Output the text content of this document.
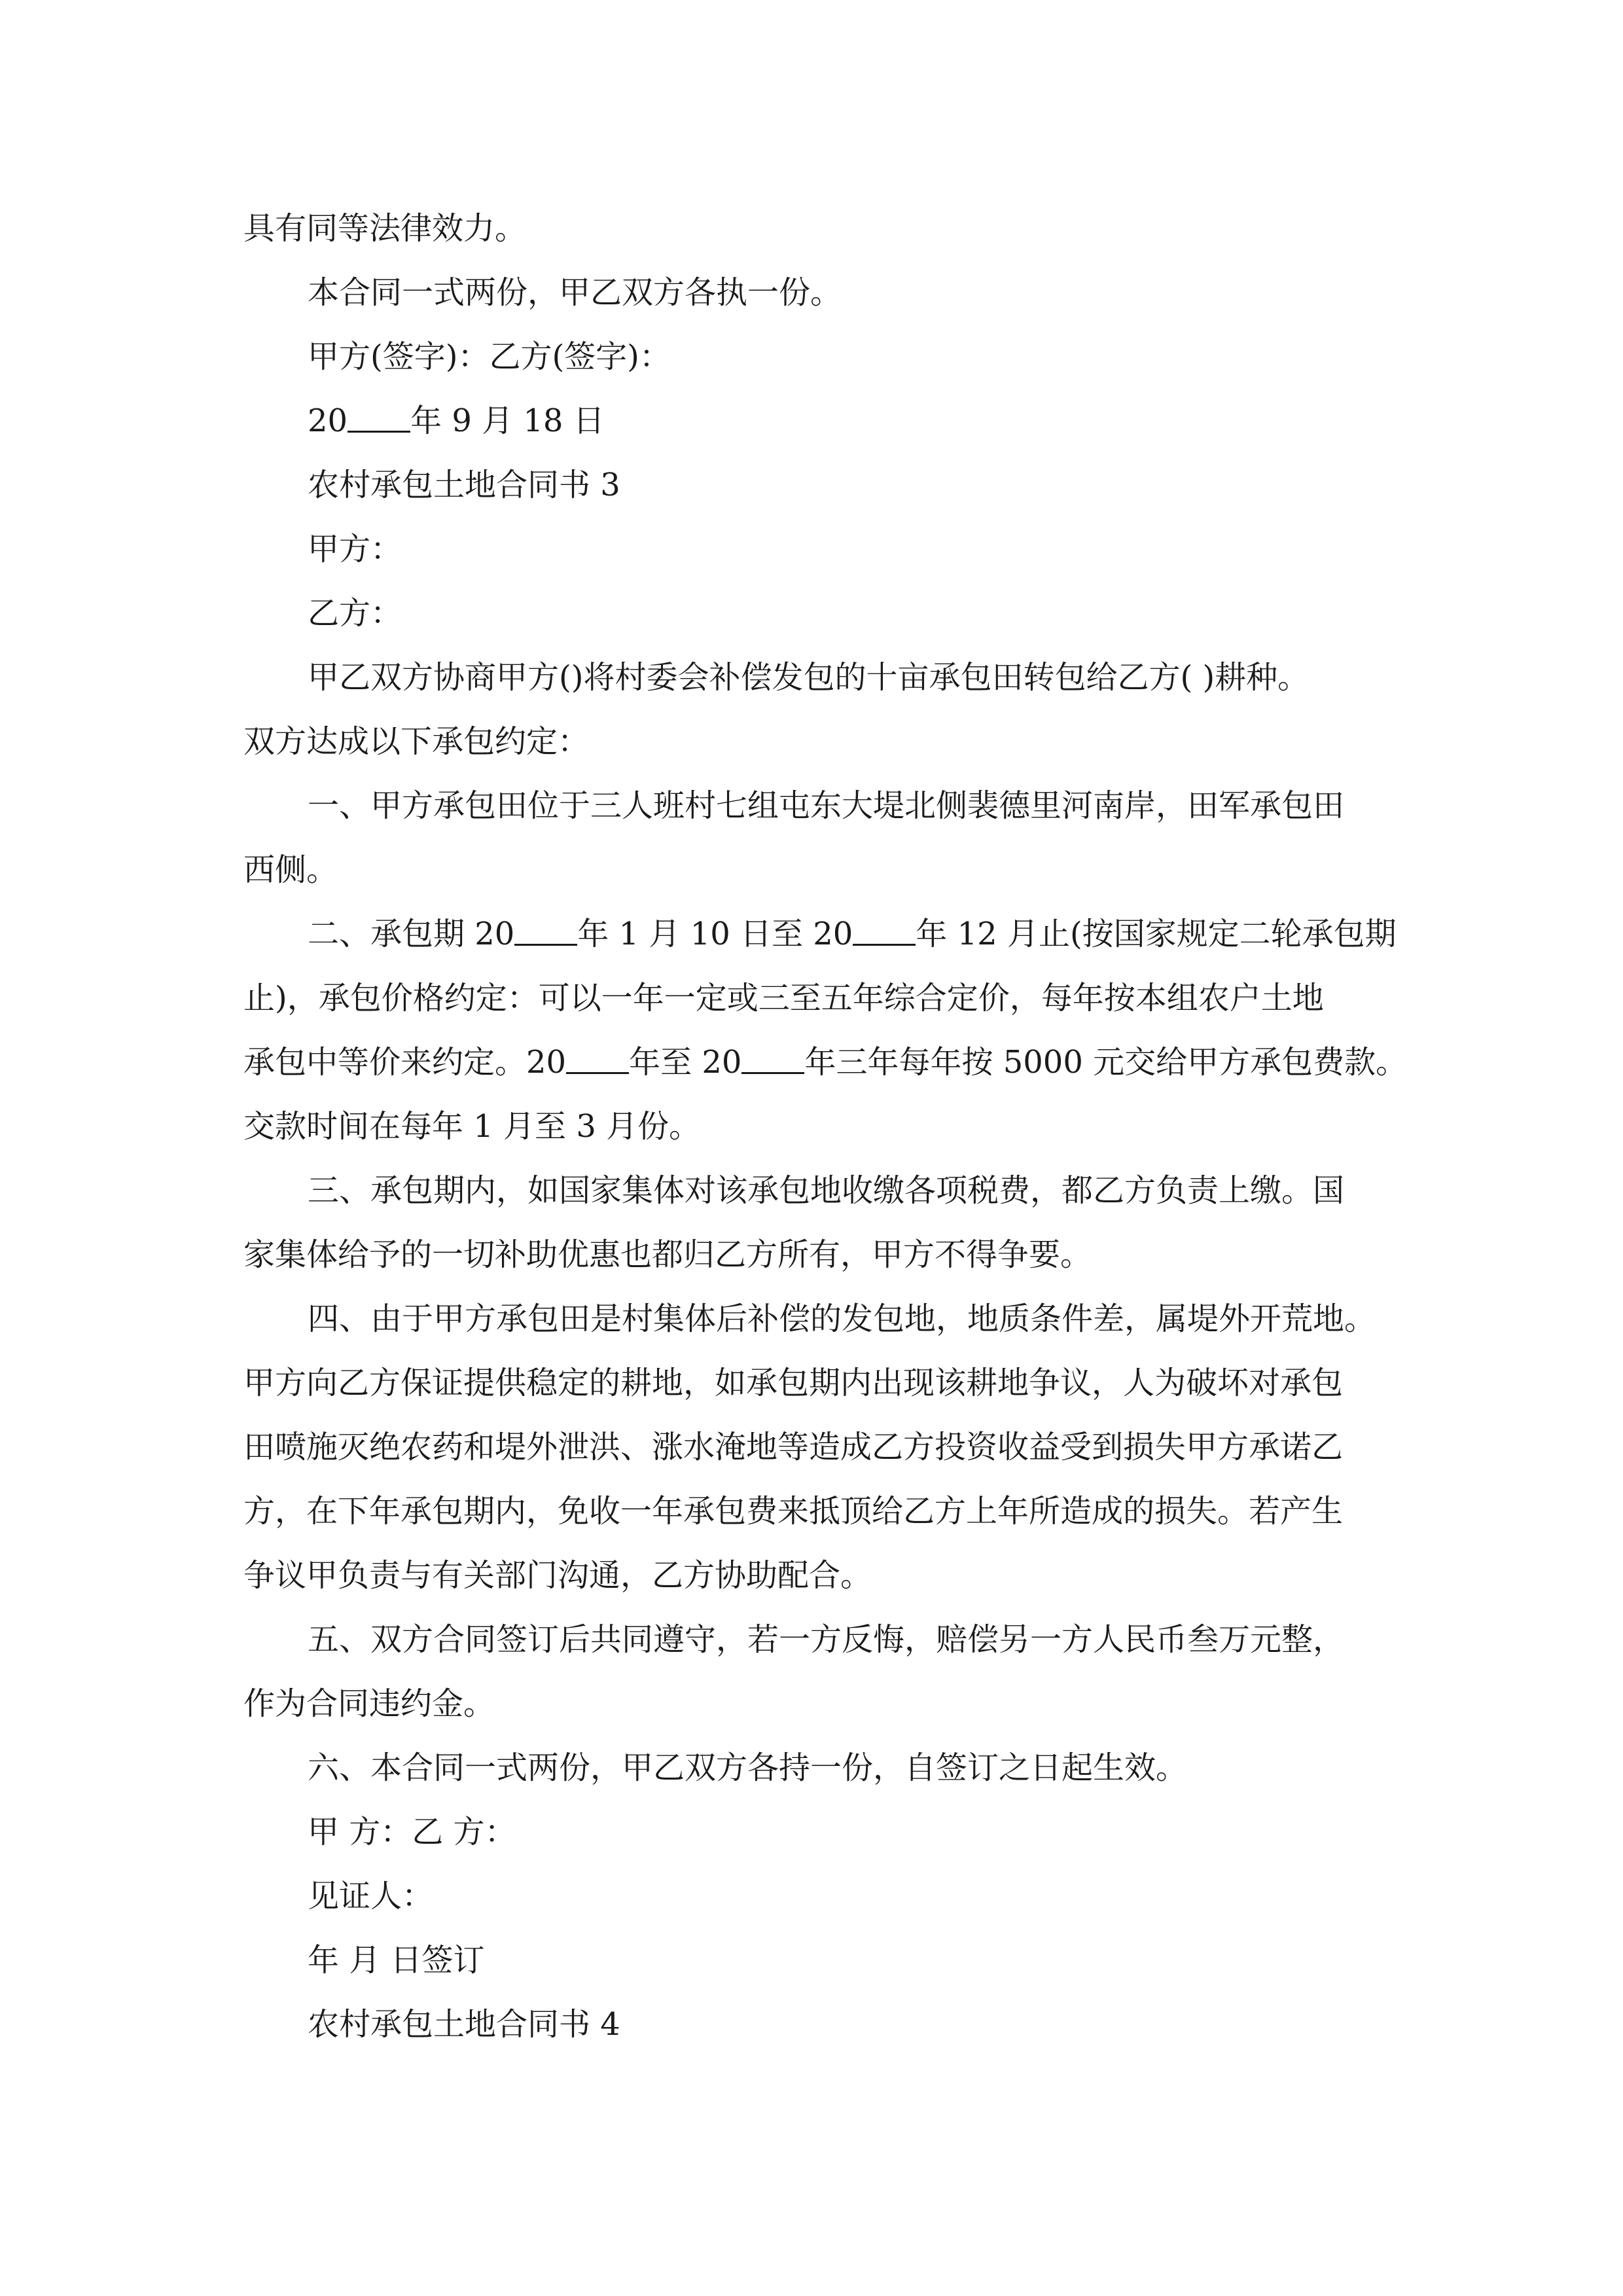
具有同等法律效力。

本合同一式两份，甲乙双方各执一份。

甲方(签字)：乙方(签字)：

20 年 9 月 18 日

农村承包土地合同书 3

甲方：

乙方：

甲乙双方协商甲方()将村委会补偿发包的十亩承包田转包给乙方( )耕种。

双方达成以下承包约定：

一、甲方承包田位于三人班村七组屯东大堤北侧裴德里河南岸，田军承包田

西侧。

二、承包期 20 年 1 月 10 日至 20 年 12 月止(按国家规定二轮承包期

止)，承包价格约定：可以一年一定或三至五年综合定价，每年按本组农户土地

承包中等价来约定。20 年至 20 年三年每年按 5000 元交给甲方承包费款。

交款时间在每年 1 月至 3 月份。

三、承包期内，如国家集体对该承包地收缴各项税费，都乙方负责上缴。国

家集体给予的一切补助优惠也都归乙方所有，甲方不得争要。

四、由于甲方承包田是村集体后补偿的发包地，地质条件差，属堤外开荒地。

甲方向乙方保证提供稳定的耕地，如承包期内出现该耕地争议，人为破坏对承包

田喷施灭绝农药和堤外泄洪、涨水淹地等造成乙方投资收益受到损失甲方承诺乙

方，在下年承包期内，免收一年承包费来抵顶给乙方上年所造成的损失。若产生

争议甲负责与有关部门沟通，乙方协助配合。

五、双方合同签订后共同遵守，若一方反悔，赔偿另一方人民币叁万元整，

作为合同违约金。

六、本合同一式两份，甲乙双方各持一份，自签订之日起生效。

甲 方：乙 方：

见证人：

年 月 日签订

农村承包土地合同书 4
